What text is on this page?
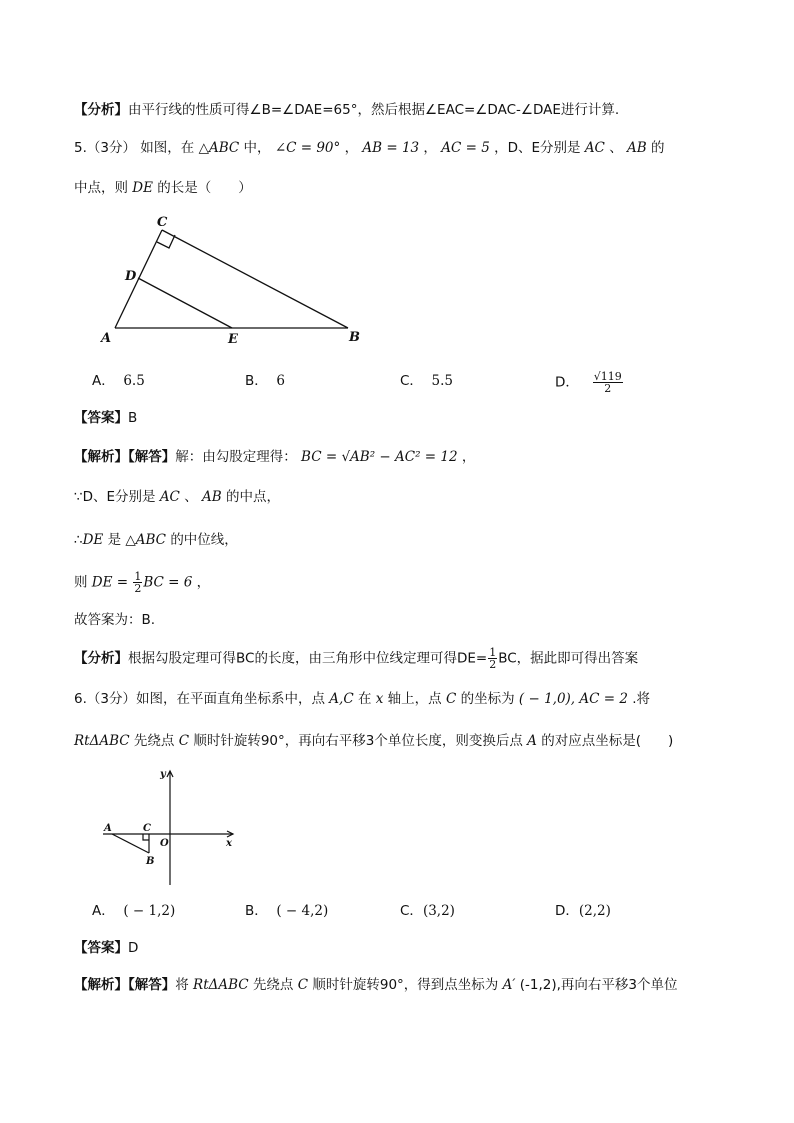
【分析】由平行线的性质可得∠B=∠DAE=65°，然后根据∠EAC=∠DAC-∠DAE进行计算.
5.（3分） 如图，在 △ABC 中， ∠C = 90° ， AB = 13 ， AC = 5 ，D、E分别是 AC 、 AB 的
中点，则 DE 的长是（　　）
C
D
A	E	B
A． 6.5	B． 6	C． 5.5	D． $\frac{√119}{2}$
【答案】B
【解析】【解答】解：由勾股定理得： BC = √AB² − AC² = 12 ，
∵D、E分别是 AC 、 AB 的中点，
∴DE 是 △ABC 的中位线，
则 DE = $\frac{1}{2}$ BC = 6 ，
故答案为：B.
【分析】根据勾股定理可得BC的长度，由三角形中位线定理可得$DE= \frac{1}{2}$ BC，据此即可得出答案
6.（3分）如图，在平面直角坐标系中，点 A,C 在 x 轴上，点 C 的坐标为 ( − 1,0), AC = 2 .将
RtΔABC 先绕点 C 顺时针旋转90°，再向右平移3个单位长度，则变换后点 A 的对应点坐标是(　　)
y
A	C
O	x
B
A． ( − 1,2)	B． ( − 4,2)	C．(3,2)	D．(2,2)
【答案】D
【解析】【解答】将 RtΔABC 先绕点 C 顺时针旋转90°，得到点坐标为 A′ (-1,2),再向右平移3个单位
